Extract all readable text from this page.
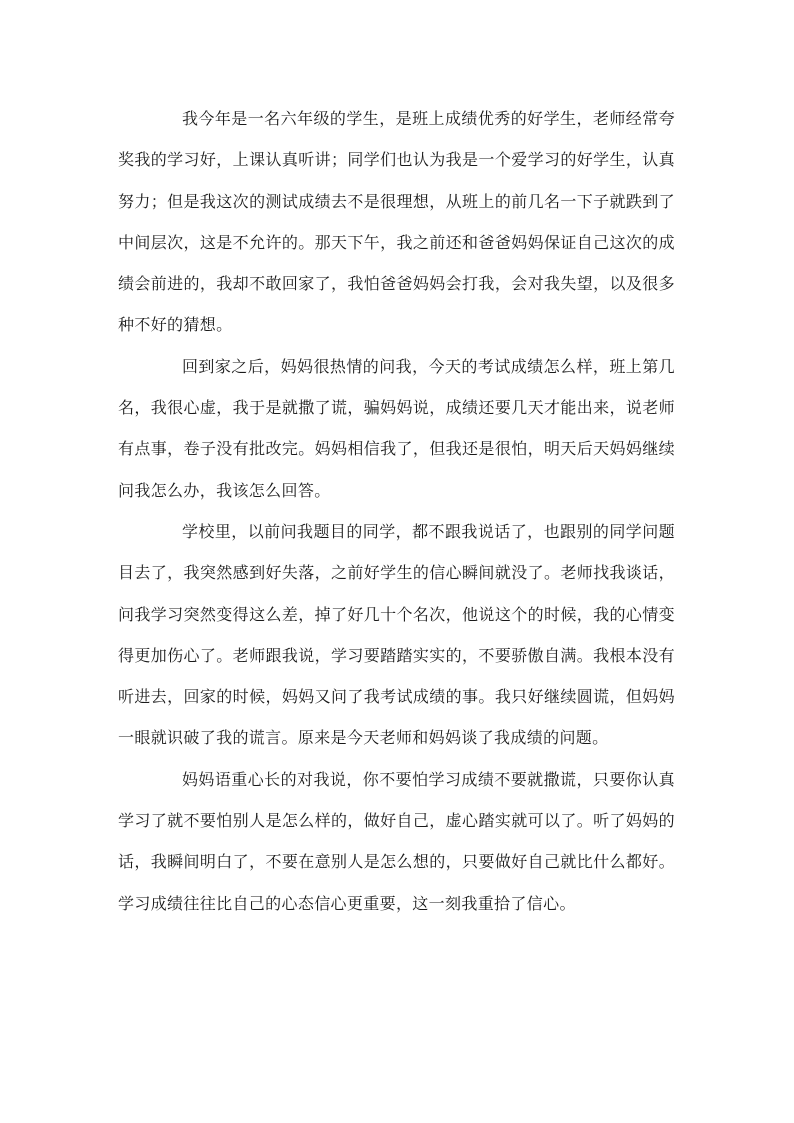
我今年是一名六年级的学生，是班上成绩优秀的好学生，老师经常夸奖我的学习好，上课认真听讲；同学们也认为我是一个爱学习的好学生，认真努力；但是我这次的测试成绩去不是很理想，从班上的前几名一下子就跌到了中间层次，这是不允许的。那天下午，我之前还和爸爸妈妈保证自己这次的成绩会前进的，我却不敢回家了，我怕爸爸妈妈会打我，会对我失望，以及很多种不好的猜想。

回到家之后，妈妈很热情的问我，今天的考试成绩怎么样，班上第几名，我很心虚，我于是就撒了谎，骗妈妈说，成绩还要几天才能出来，说老师有点事，卷子没有批改完。妈妈相信我了，但我还是很怕，明天后天妈妈继续问我怎么办，我该怎么回答。

学校里，以前问我题目的同学，都不跟我说话了，也跟别的同学问题目去了，我突然感到好失落，之前好学生的信心瞬间就没了。老师找我谈话，问我学习突然变得这么差，掉了好几十个名次，他说这个的时候，我的心情变得更加伤心了。老师跟我说，学习要踏踏实实的，不要骄傲自满。我根本没有听进去，回家的时候，妈妈又问了我考试成绩的事。我只好继续圆谎，但妈妈一眼就识破了我的谎言。原来是今天老师和妈妈谈了我成绩的问题。

妈妈语重心长的对我说，你不要怕学习成绩不要就撒谎，只要你认真学习了就不要怕别人是怎么样的，做好自己，虚心踏实就可以了。听了妈妈的话，我瞬间明白了，不要在意别人是怎么想的，只要做好自己就比什么都好。学习成绩往往比自己的心态信心更重要，这一刻我重拾了信心。
